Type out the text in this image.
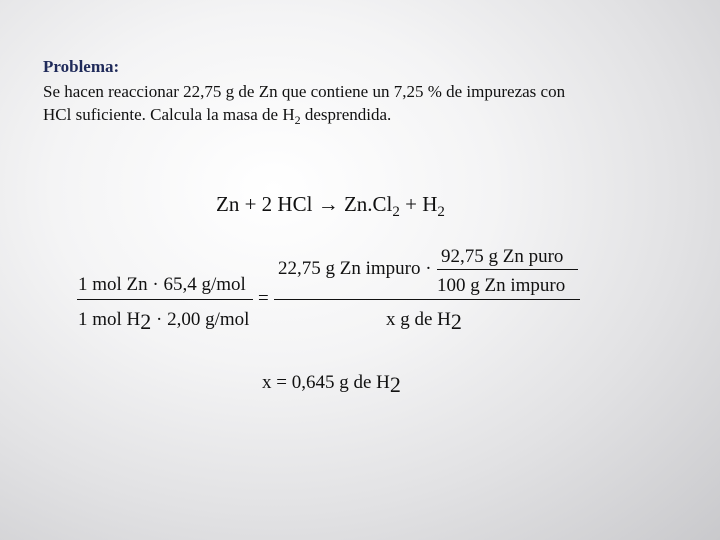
Problema:
Se hacen reaccionar 22,75 g de Zn que contiene un 7,25 % de impurezas con
HCl suficiente. Calcula la masa de $H_2$ desprendida.
Zn + 2 HCl → $Zn.Cl_2 + H_2$
1 mol Zn · 65,4 g/mol
1 mol H2 · 2,00 g/mol
=
22,75 g Zn impuro ·
92,75 g Zn puro
100 g Zn impuro
x g de H2
x = 0,645 g de H2
